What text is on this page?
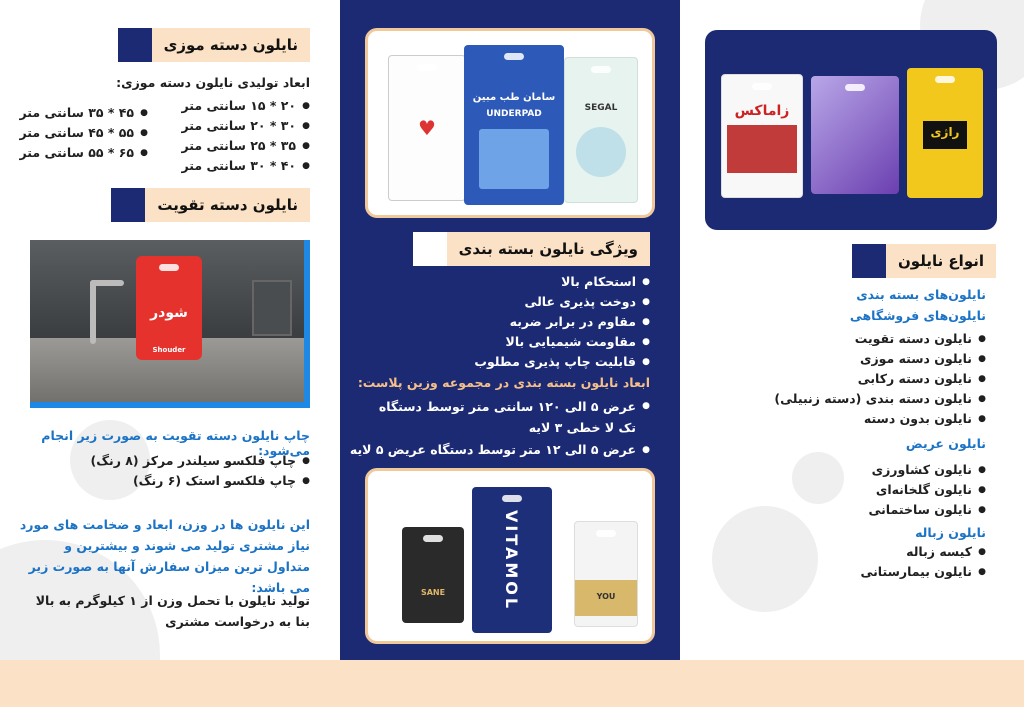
♥
سامان طب مبین
UNDERPAD
SEGAL
ویژگی نایلون بسته بندی
● استحکام بالا
● دوخت پذیری عالی
● مقاوم در برابر ضربه
● مقاومت شیمیایی بالا
● قابلیت چاپ پذیری مطلوب
ابعاد نایلون بسته بندی در مجموعه وزین پلاست:
● عرض ۵ الی ۱۲۰ سانتی متر توسط دستگاه تک لا خطی ۳ لایه
● عرض ۵ الی ۱۲ متر توسط دستگاه عریض ۵ لایه
SANE	VITAMOL	YOU
زاماکس
راژی
انواع نایلون
نایلون‌های بسته بندی
نایلون‌های فروشگاهی
● نایلون دسته تقویت
● نایلون دسته موزی
● نایلون دسته رکابی
● نایلون دسته بندی (دسته زنبیلی)
● نایلون بدون دسته
نایلون عریض
● نایلون کشاورزی
● نایلون گلخانه‌ای
● نایلون ساختمانی
نایلون زباله
● کیسه زباله
● نایلون بیمارستانی
نایلون دسته موزی
ابعاد تولیدی نایلون دسته موزی:
● ۲۰ * ۱۵ سانتی متر
● ۳۰ * ۲۰ سانتی متر
● ۳۵ * ۲۵ سانتی متر
● ۴۰ * ۳۰ سانتی متر
● ۴۵ * ۳۵ سانتی متر
● ۵۵ * ۴۵ سانتی متر
● ۶۵ * ۵۵ سانتی متر
نایلون دسته تقویت
شودر
Shouder
چاپ نایلون دسته تقویت به صورت زیر انجام می‌شود:
● چاپ فلکسو سیلندر مرکز (۸ رنگ)
● چاپ فلکسو استک (۶ رنگ)
این نایلون ها در وزن، ابعاد و ضخامت های مورد نیاز مشتری تولید می شوند و بیشترین و متداول ترین میزان سفارش آنها به صورت زیر می باشد:
تولید نایلون با تحمل وزن از ۱ کیلوگرم به بالا بنا به درخواست مشتری
